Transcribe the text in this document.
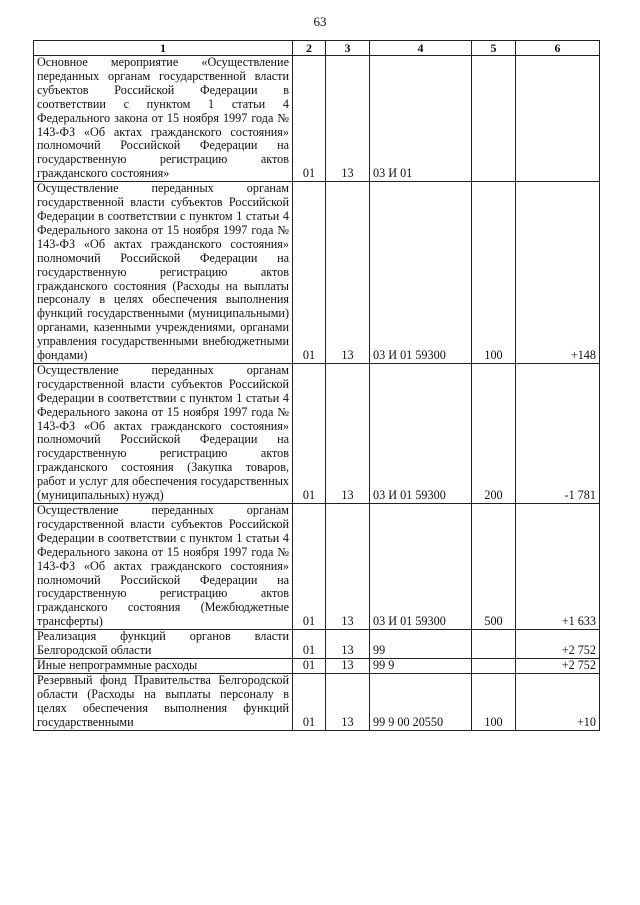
63
1	2	3	4	5	6
Основное мероприятие «Осуществление переданных органам государственной власти субъектов Российской Федерации в соответствии с пунктом 1 статьи 4 Федерального закона от 15 ноября 1997 года № 143-ФЗ «Об актах гражданского состояния» полномочий Российской Федерации на государственную регистрацию актов гражданского состояния»	01	13	03 И 01		
Осуществление переданных органам государственной власти субъектов Российской Федерации в соответствии с пунктом 1 статьи 4 Федерального закона от 15 ноября 1997 года № 143-ФЗ «Об актах гражданского состояния» полномочий Российской Федерации на государственную регистрацию актов гражданского состояния (Расходы на выплаты персоналу в целях обеспечения выполнения функций государственными (муниципальными) органами, казенными учреждениями, органами управления государственными внебюджетными фондами)	01	13	03 И 01 59300	100	+148
Осуществление переданных органам государственной власти субъектов Российской Федерации в соответствии с пунктом 1 статьи 4 Федерального закона от 15 ноября 1997 года № 143-ФЗ «Об актах гражданского состояния» полномочий Российской Федерации на государственную регистрацию актов гражданского состояния (Закупка товаров, работ и услуг для обеспечения государственных (муниципальных) нужд)	01	13	03 И 01 59300	200	-1 781
Осуществление переданных органам государственной власти субъектов Российской Федерации в соответствии с пунктом 1 статьи 4 Федерального закона от 15 ноября 1997 года № 143-ФЗ «Об актах гражданского состояния» полномочий Российской Федерации на государственную регистрацию актов гражданского состояния (Межбюджетные трансферты)	01	13	03 И 01 59300	500	+1 633
Реализация функций органов власти Белгородской области	01	13	99		+2 752
Иные непрограммные расходы	01	13	99 9		+2 752
Резервный фонд Правительства Белгородской области (Расходы на выплаты персоналу в целях обеспечения выполнения функций государственными	01	13	99 9 00 20550	100	+10
